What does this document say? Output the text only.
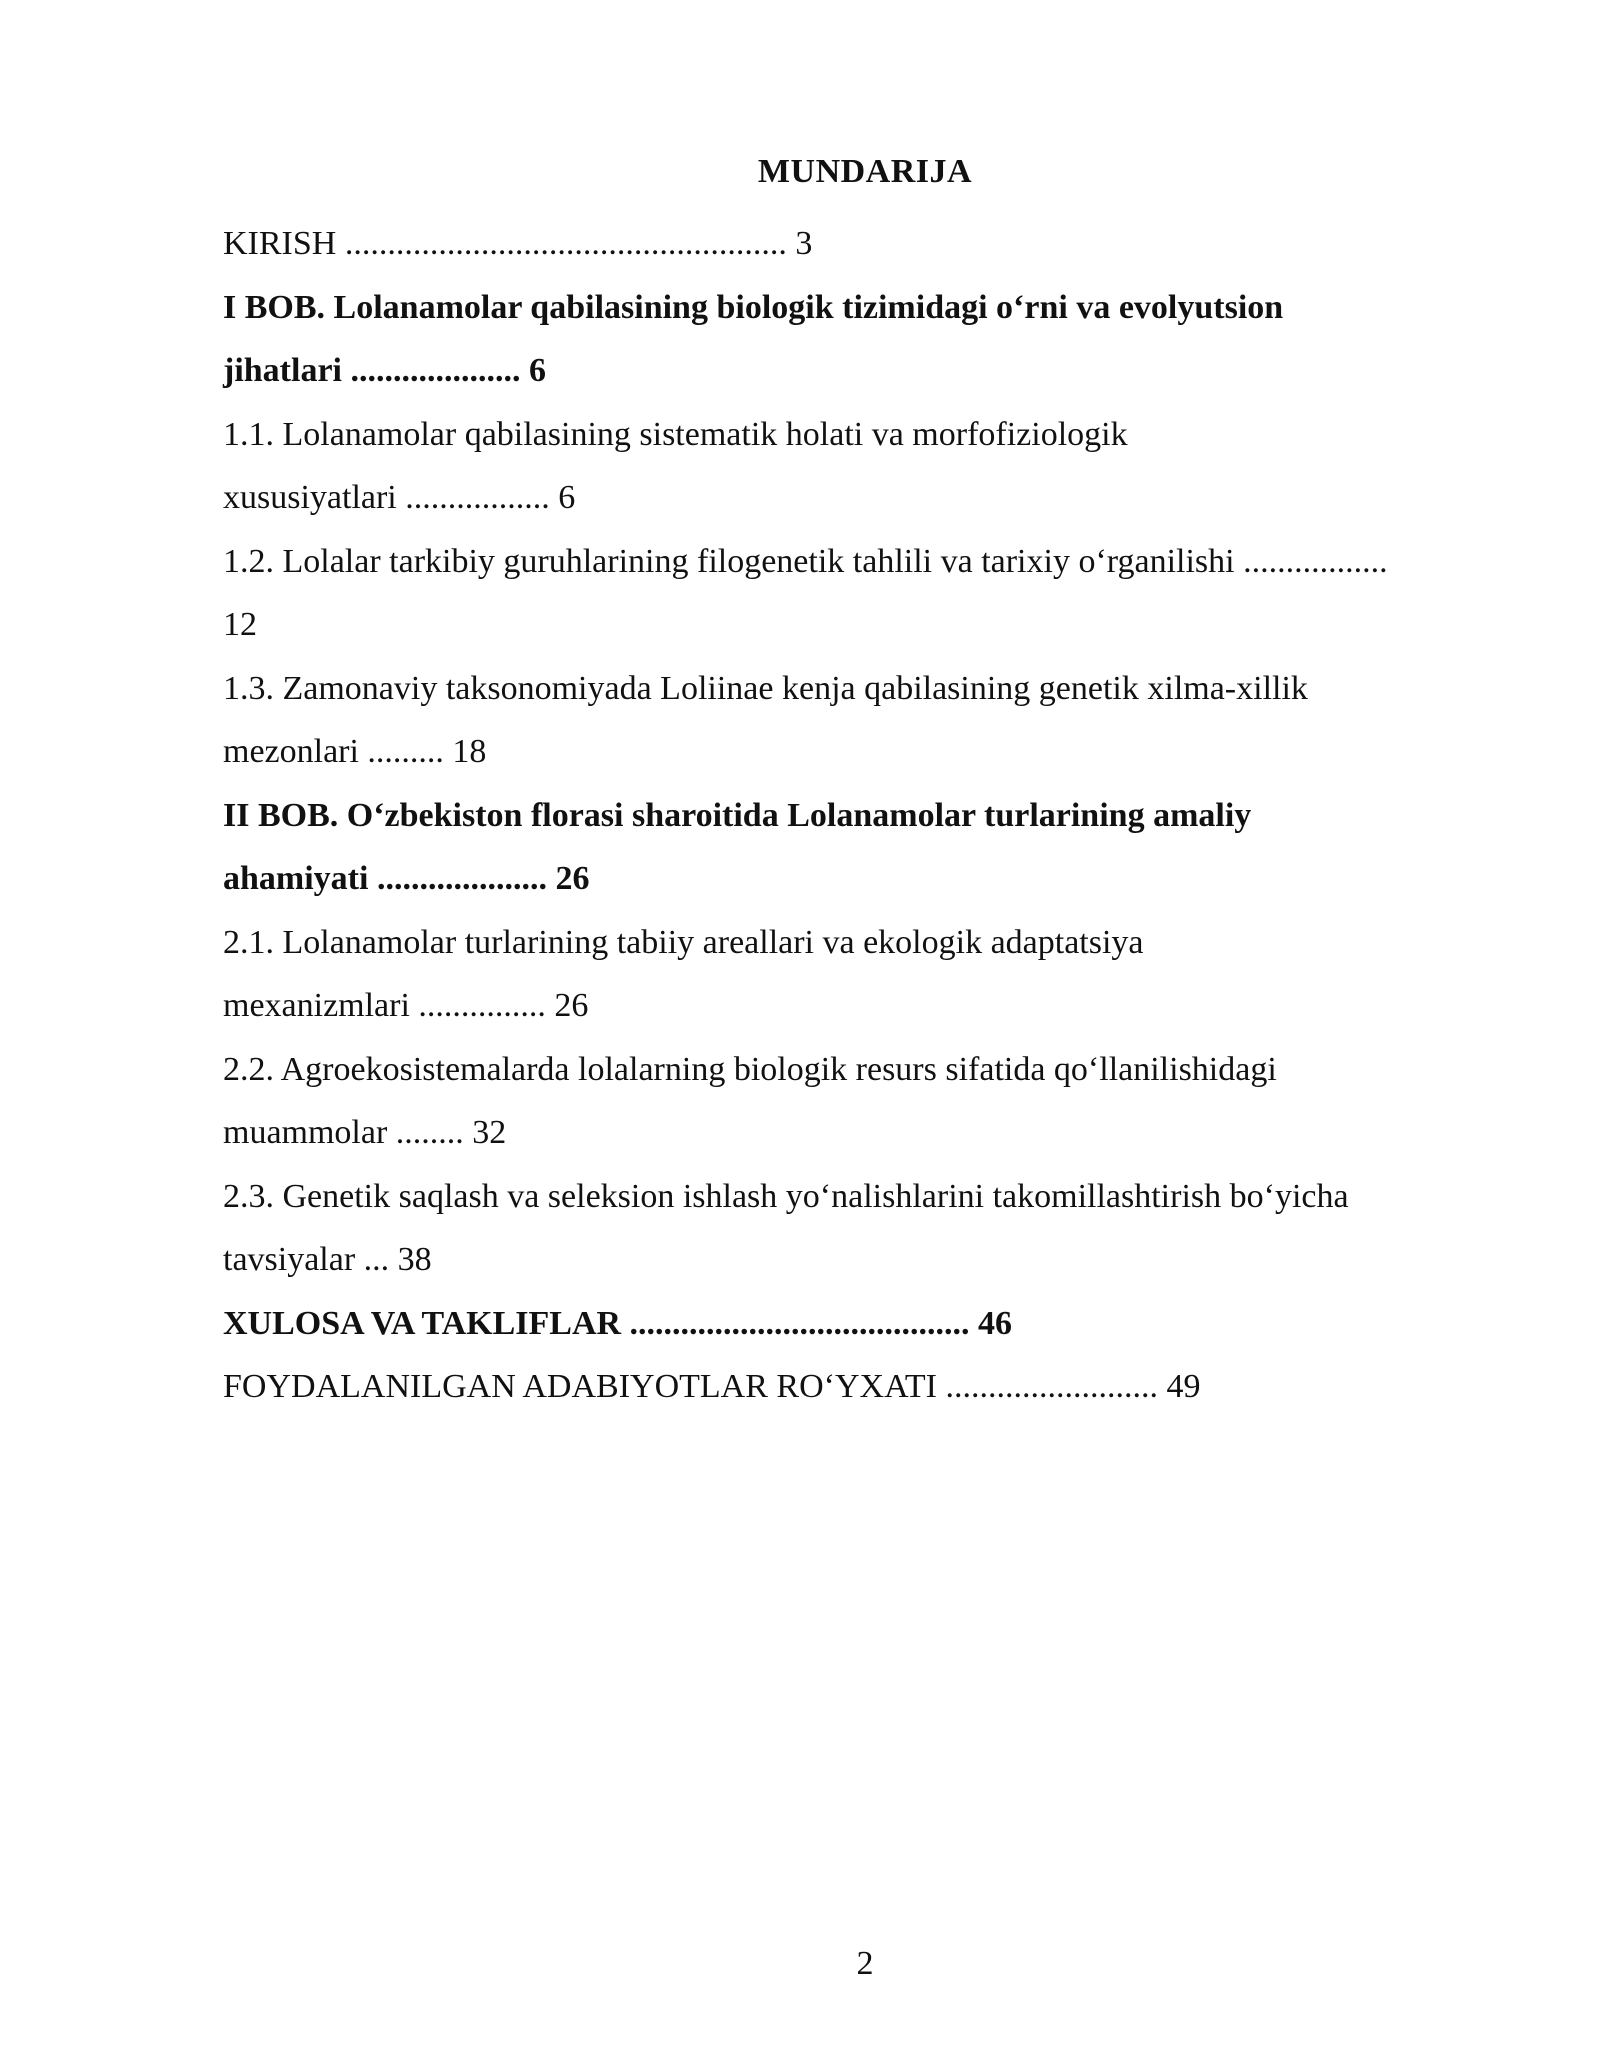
MUNDARIJA
KIRISH .................................................... 3
I BOB. Lolanamolar qabilasining biologik tizimidagi o‘rni va evolyutsion
jihatlari .................... 6
1.1. Lolanamolar qabilasining sistematik holati va morfofiziologik
xususiyatlari ................. 6
1.2. Lolalar tarkibiy guruhlarining filogenetik tahlili va tarixiy o‘rganilishi .................
12
1.3. Zamonaviy taksonomiyada Loliinae kenja qabilasining genetik xilma-xillik
mezonlari ......... 18
II BOB. O‘zbekiston florasi sharoitida Lolanamolar turlarining amaliy
ahamiyati .................... 26
2.1. Lolanamolar turlarining tabiiy areallari va ekologik adaptatsiya
mexanizmlari ............... 26
2.2. Agroekosistemalarda lolalarning biologik resurs sifatida qo‘llanilishidagi
muammolar ........ 32
2.3. Genetik saqlash va seleksion ishlash yo‘nalishlarini takomillashtirish bo‘yicha
tavsiyalar ... 38
XULOSA VA TAKLIFLAR ........................................ 46
FOYDALANILGAN ADABIYOTLAR RO‘YXATI ......................... 49
2
